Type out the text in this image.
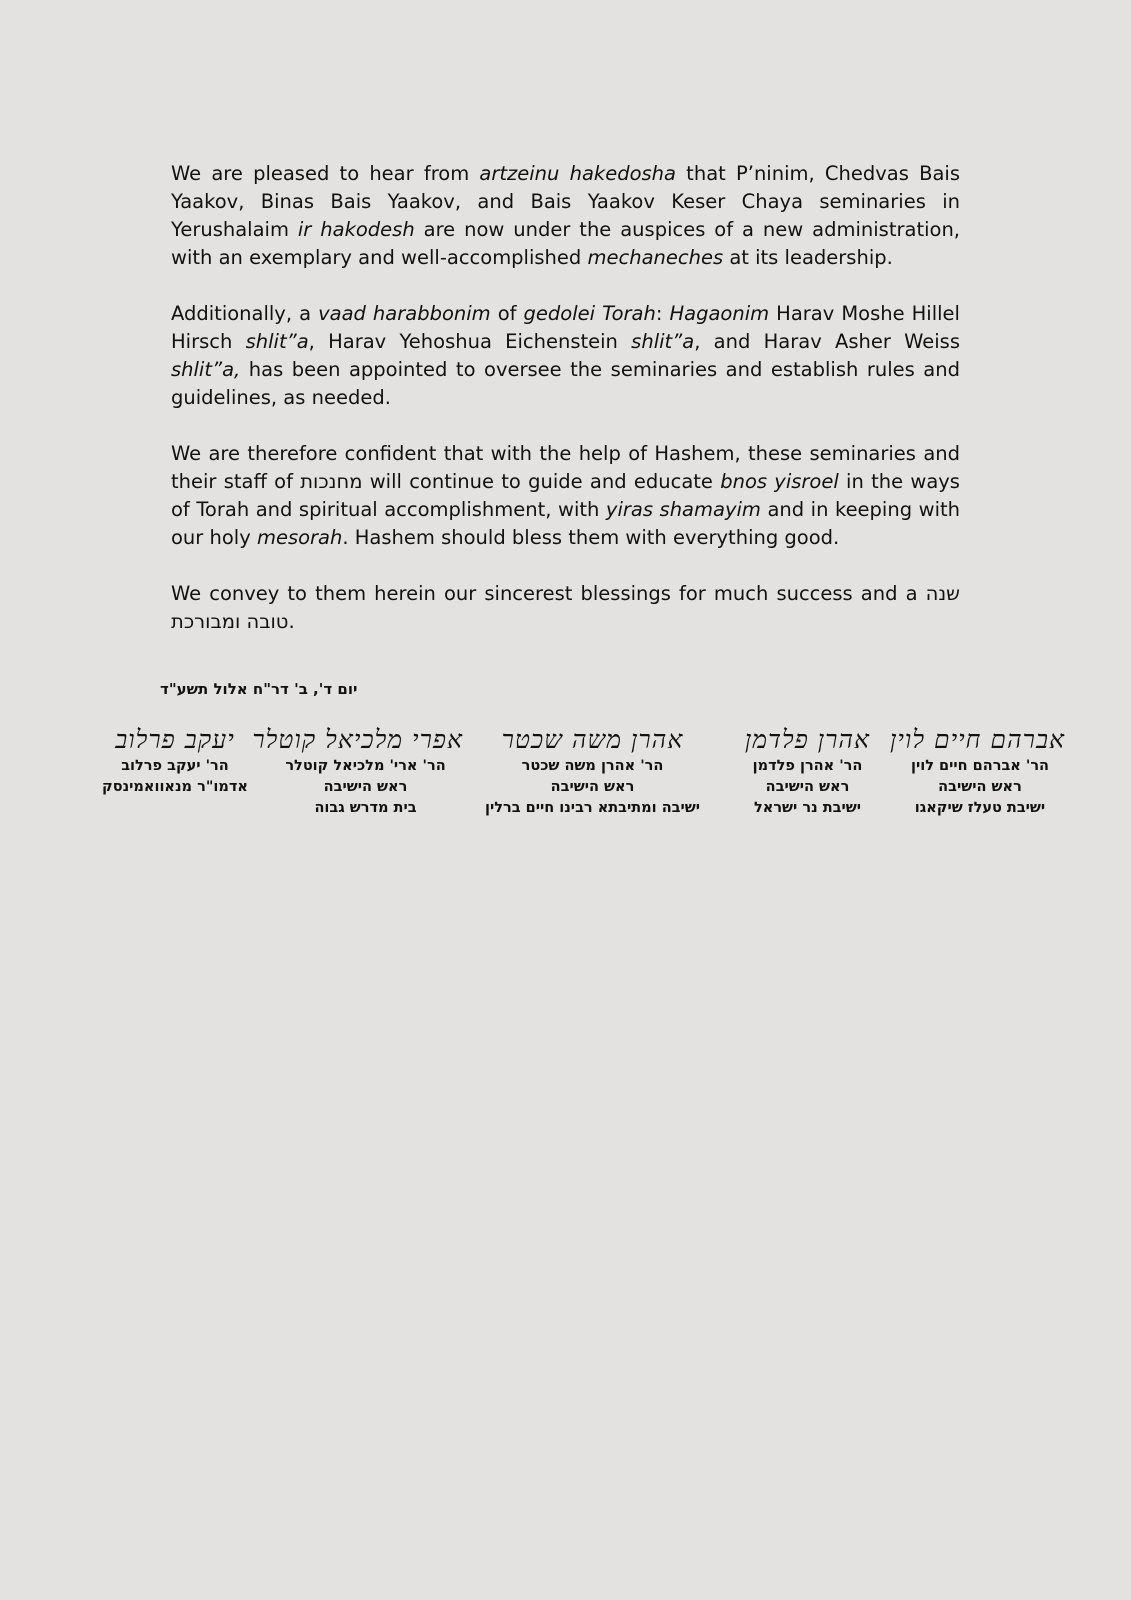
We are pleased to hear from artzeinu hakedosha that P’ninim, Chedvas Bais Yaakov, Binas Bais Yaakov, and Bais Yaakov Keser Chaya seminaries in Yerushalaim ir hakodesh are now under the auspices of a new administration, with an exemplary and well-accomplished mechaneches at its leadership.

Additionally, a vaad harabbonim of gedolei Torah: Hagaonim Harav Moshe Hillel Hirsch shlit”a, Harav Yehoshua Eichenstein shlit”a, and Harav Asher Weiss shlit”a, has been appointed to oversee the seminaries and establish rules and guidelines, as needed.

We are therefore confident that with the help of Hashem, these seminaries and their staff of מחנכות will continue to guide and educate bnos yisroel in the ways of Torah and spiritual accomplishment, with yiras shamayim and in keeping with our holy mesorah. Hashem should bless them with everything good.

We convey to them herein our sincerest blessings for much success and a שנה טובה ומבורכת.

יום ד', ב' דר"ח אלול תשע"ד
אברהם חיים לוין
הר' אברהם חיים לוין
ראש הישיבה
ישיבת טעלז שיקאגו
אהרן פלדמן
הר' אהרן פלדמן
ראש הישיבה
ישיבת נר ישראל
אהרן משה שכטר
הר' אהרן משה שכטר
ראש הישיבה
ישיבה ומתיבתא רבינו חיים ברלין
אפרי מלכיאל קוטלר
הר' ארי' מלכיאל קוטלר
ראש הישיבה
בית מדרש גבוה
יעקב פרלוב
הר' יעקב פרלוב
אדמו"ר מנאוואמינסק
